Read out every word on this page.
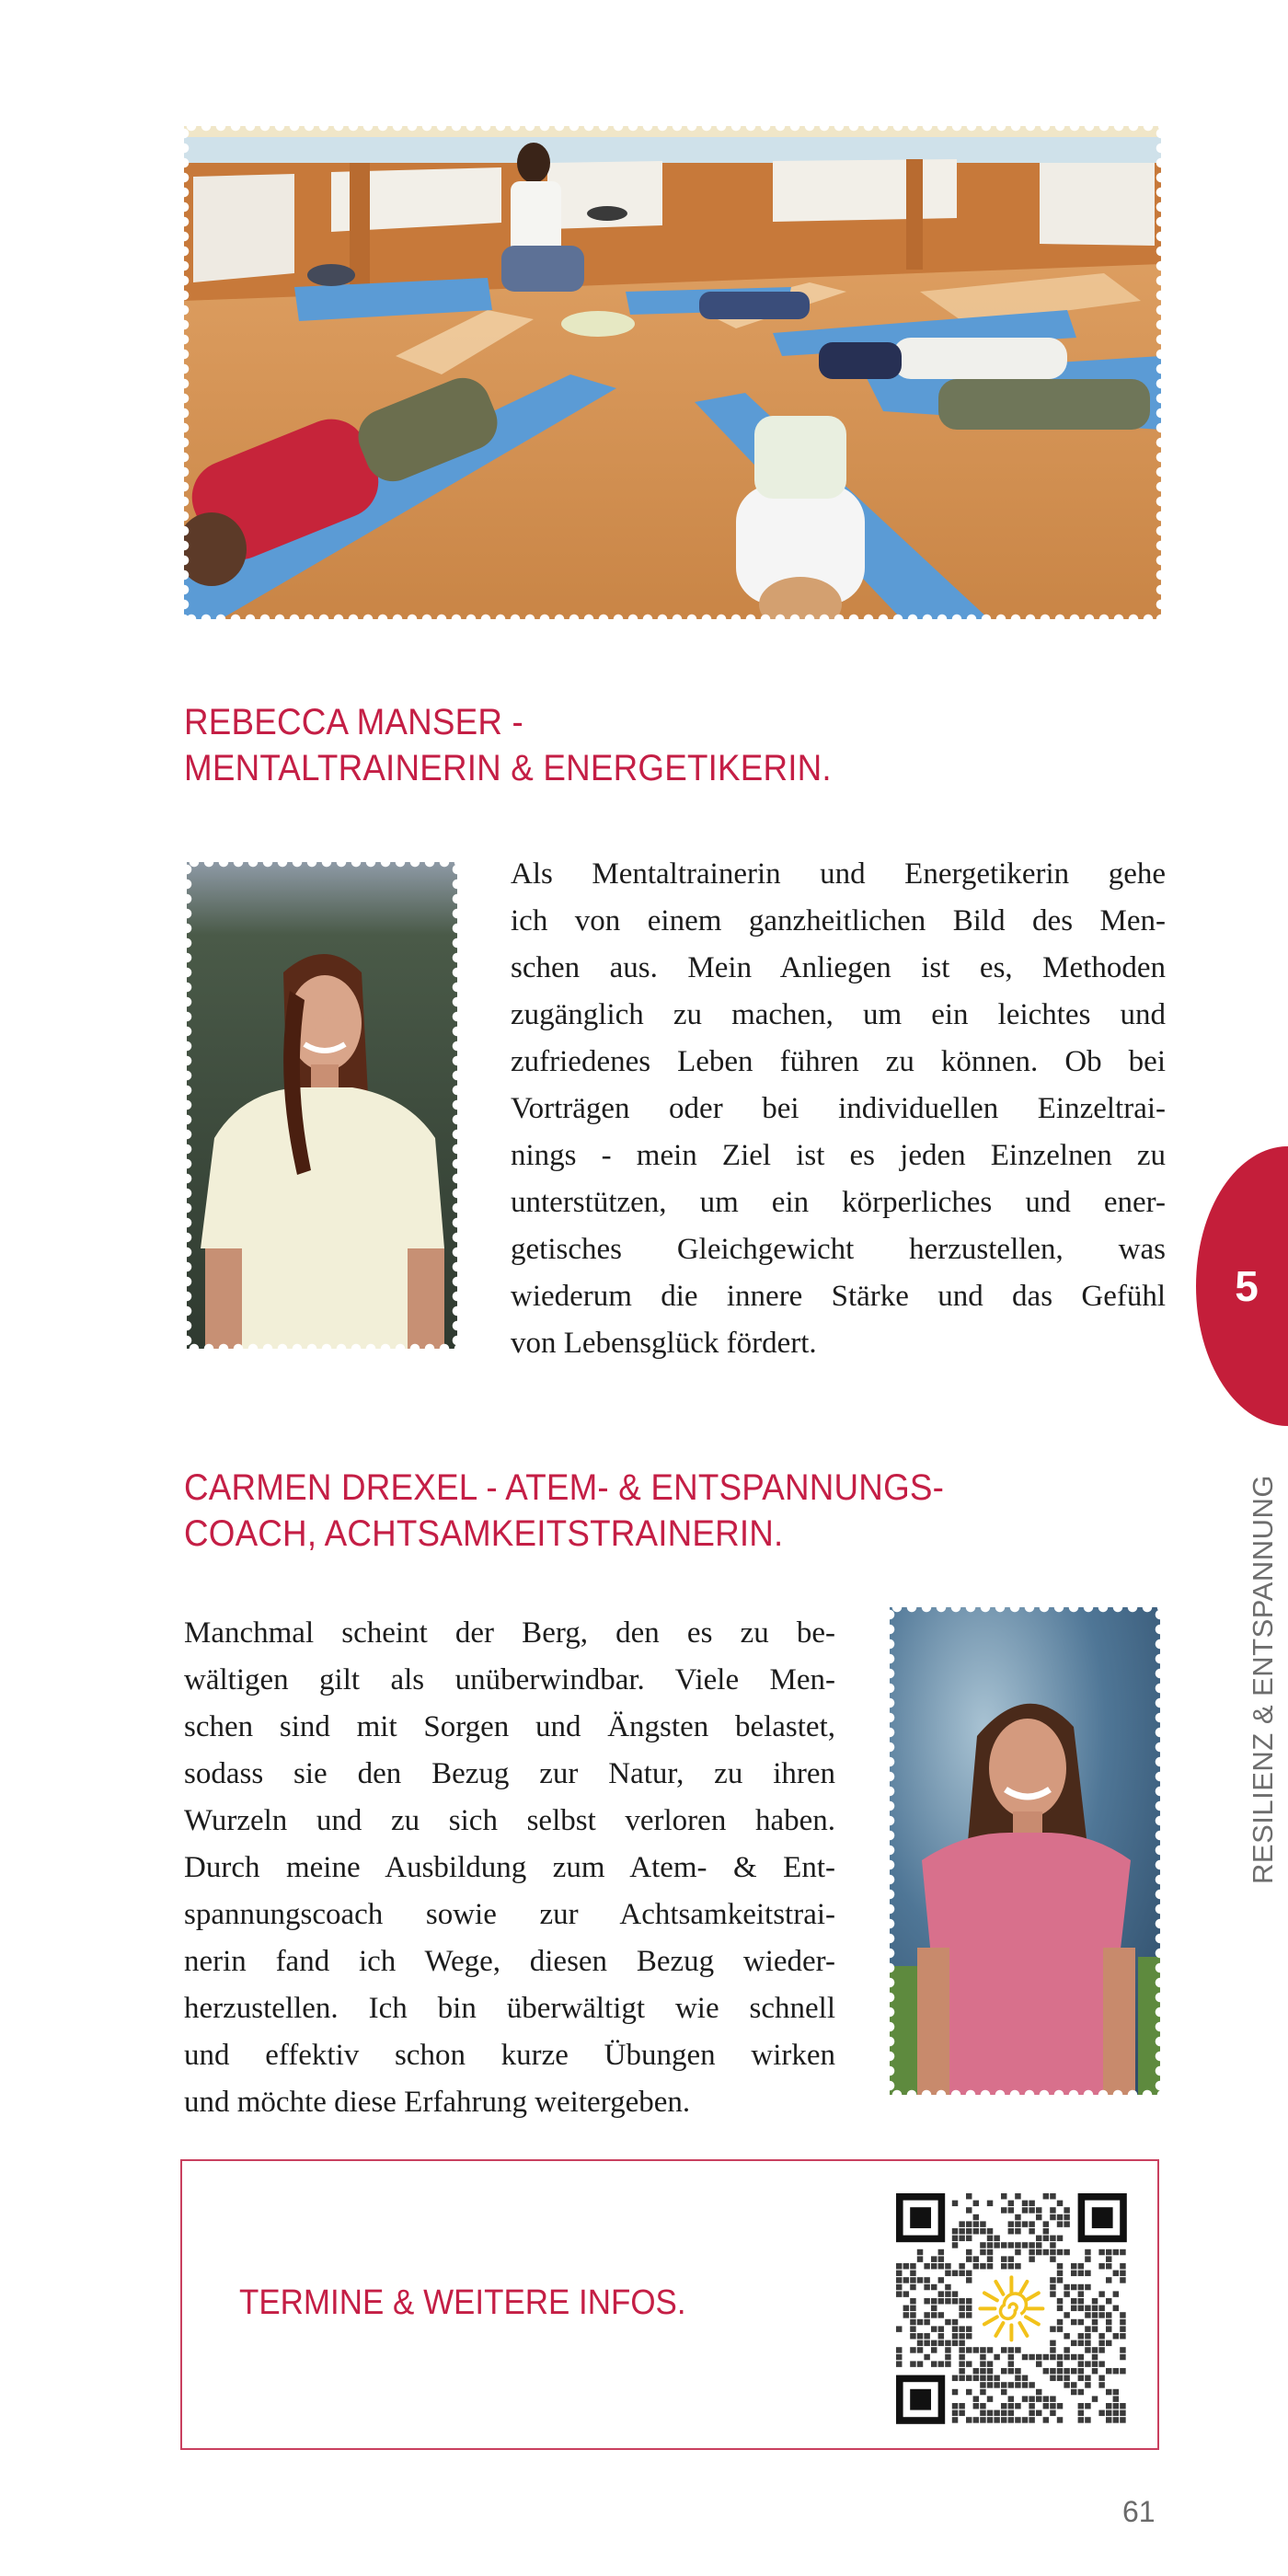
REBECCA MANSER -
MENTALTRAINERIN & ENERGETIKERIN.
Als Mentaltrainerin und Energetikerin gehe
ich von einem ganzheitlichen Bild des Men-
schen aus. Mein Anliegen ist es, Methoden
zugänglich zu machen, um ein leichtes und
zufriedenes Leben führen zu können. Ob bei
Vorträgen oder bei individuellen Einzeltrai-
nings - mein Ziel ist es jeden Einzelnen zu
unterstützen, um ein körperliches und ener-
getisches Gleichgewicht herzustellen, was
wiederum die innere Stärke und das Gefühl
von Lebensglück fördert.
CARMEN DREXEL - ATEM- & ENTSPANNUNGS-
COACH, ACHTSAMKEITSTRAINERIN.
Manchmal scheint der Berg, den es zu be-
wältigen gilt als unüberwindbar. Viele Men-
schen sind mit Sorgen und Ängsten belastet,
sodass sie den Bezug zur Natur, zu ihren
Wurzeln und zu sich selbst verloren haben.
Durch meine Ausbildung zum Atem- & Ent-
spannungscoach sowie zur Achtsamkeitstrai-
nerin fand ich Wege, diesen Bezug wieder-
herzustellen. Ich bin überwältigt wie schnell
und effektiv schon kurze Übungen wirken
und möchte diese Erfahrung weitergeben.
5
RESILIENZ & ENTSPANNUNG
TERMINE & WEITERE INFOS.
61
